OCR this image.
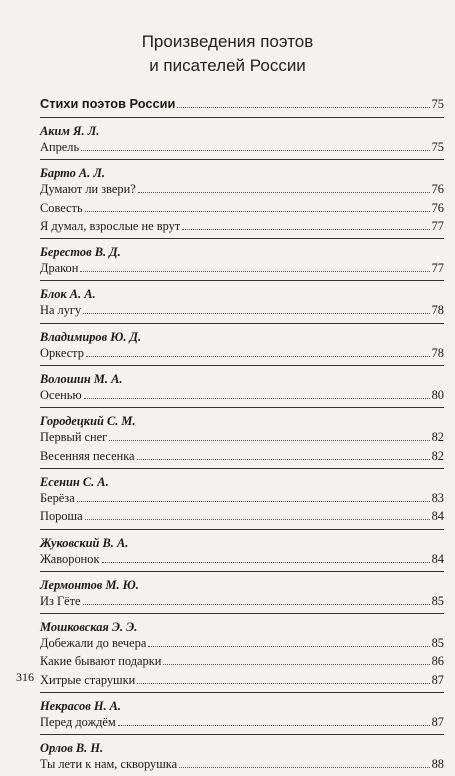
Произведения поэтов
и писателей России
Стихи поэтов России	75
Аким Я. Л.
Апрель	75
Барто А. Л.
Думают ли звери?	76
Совесть	76
Я думал, взрослые не врут	77
Берестов В. Д.
Дракон	77
Блок А. А.
На лугу	78
Владимиров Ю. Д.
Оркестр	78
Волошин М. А.
Осенью	80
Городецкий С. М.
Первый снег	82
Весенняя песенка	82
Есенин С. А.
Берёза	83
Пороша	84
Жуковский В. А.
Жаворонок	84
Лермонтов М. Ю.
Из Гёте	85
Мошковская Э. Э.
Добежали до вечера	85
Какие бывают подарки	86
Хитрые старушки	87
Некрасов Н. А.
Перед дождём	87
Орлов В. Н.
Ты лети к нам, скворушка	88
316
